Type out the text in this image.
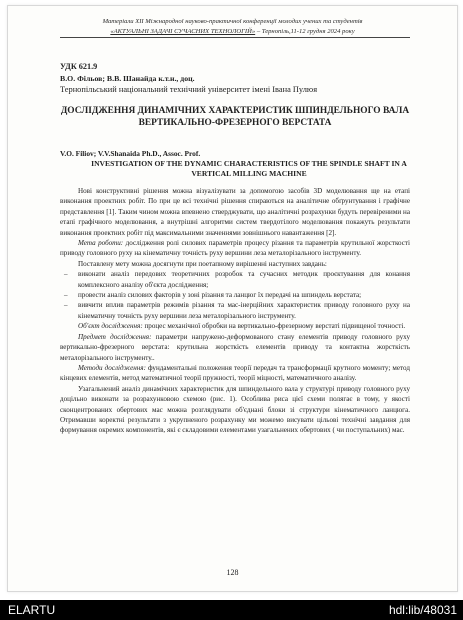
Матеріали XIІ Міжнародної науково-практичної конференції молодих учених та студентів
«АКТУАЛЬНІ ЗАДАЧІ СУЧАСНИХ ТЕХНОЛОГІЙ» – Тернопіль,11-12 грудня 2024 року
УДК 621.9
В.О. Фільов; В.В. Шанайда к.т.н., доц.
Тернопільський національний технічний університет імені Івана Пулюя
ДОСЛІДЖЕННЯ ДИНАМІЧНИХ ХАРАКТЕРИСТИК ШПИНДЕЛЬНОГО ВАЛА ВЕРТИКАЛЬНО-ФРЕЗЕРНОГО ВЕРСТАТА
V.O. Filiov; V.V.Shanaida Ph.D., Assoc. Prof.
INVESTIGATION OF THE DYNAMIC CHARACTERISTICS OF THE SPINDLE SHAFT IN A VERTICAL MILLING MACHINE

Нові конструктивні рішення можна візуалізувати за допомогою засобів 3D моделювання ще на етапі виконання проектних робіт. По при це всі технічні рішення спираються на аналітичне обґрунтування і графічне представлення [1]. Таким чином можна впевнено стверджувати, що аналітичні розрахунки будуть перевіреними на етапі графічного моделювання, а внутрішні алгоритми систем твердотілого моделювання покажуть результати виконання проектних робіт під максимальними значеннями зовнішнього навантаження [2].

Мета роботи: дослідження ролі силових параметрів процесу різання та параметрів крутильної жорсткості приводу головного руху на кінематичну точність руху вершини леза металорізального інструменту.

Поставлену мету можна досягнути при поетапному вирішенні наступних завдань:

– виконати аналіз передових теоретичних розробок та сучасних методик проєктування для конання комплексного аналізу об'єкта дослідження;
– провести аналіз силових факторів у зоні різання та ланцюг їх передачі на шпиндель верстата;
– вивчити вплив параметрів режимів різання та мас-інерційних характеристик приводу головного руху на кінематичну точність руху вершини леза металорізального інструменту.

Об'єкт дослідження: процес механічної обробки на вертикально-фрезерному верстаті підвищеної точності.

Предмет дослідження: параметри напружено-деформованого стану елементів приводу головного руху вертикально-фрезерного верстата: крутильна жорсткість елементів приводу та контактна жорсткість металорізального інструменту..

Методи дослідження: фундаментальні положення теорії передач та трансформації крутного моменту; метод кінцевих елементів, метод математичної теорії пружності, теорії міцності, математичного аналізу.

Узагальнений аналіз динамічних характеристик для шпиндельного вала у структурі приводу головного руху доцільно виконати за розрахунковою схемою (рис. 1). Особлива риса цієї схеми полягає в тому, у якості сконцентрованих обертових мас можна розглядувати об'єднані блоки зі структури кінематичного ланцюга. Отримавши коректні результати з укрупненого розрахунку ми можемо висувати цільові технічні завдання для формування окремих компонентів, які є складовими елементами узагальнених обертових ( чи поступальних) мас.

128
ELARTU	hdl:lib/48031
